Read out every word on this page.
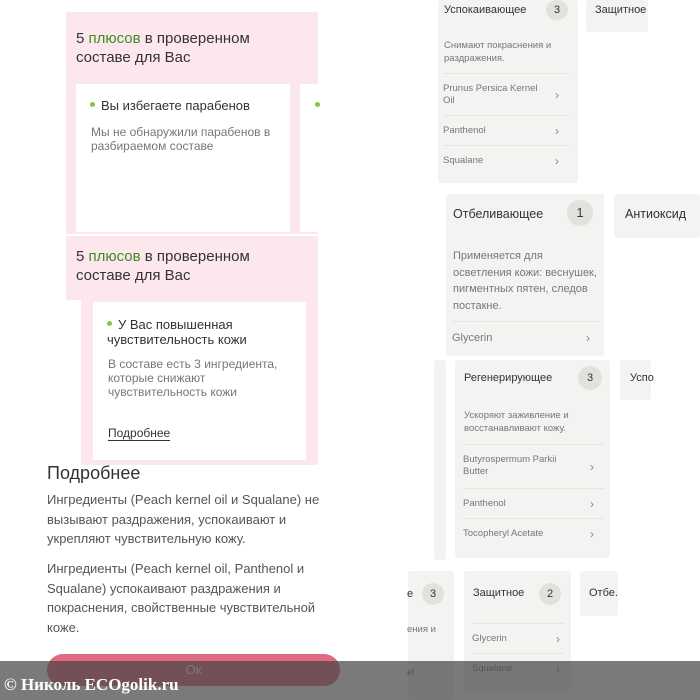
5 плюсов в проверенном составе для Вас
Вы избегаете парабенов
Мы не обнаружили парабенов в разбираемом составе
5 плюсов в проверенном составе для Вас
У Вас повышенная чувствительность кожи
В составе есть 3 ингредиента, которые снижают чувствительность кожи
Подробнее
Подробнее
Ингредиенты (Peach kernel oil и Squalane) не вызывают раздражения, успокаивают и укрепляют чувствительную кожу.
Ингредиенты (Peach kernel oil, Panthenol и Squalane) успокаивают раздражения и покраснения, свойственные чувствительной коже.
Успокаивающее	3
Снимают покраснения и раздражения.
Prunus Persica Kernel Oil	›
Panthenol	›
Squalane	›
Защитное
Отбеливающее	1
Применяется для осветления кожи: веснушек, пигментных пятен, следов постакне.
Glycerin	›
Антиоксид
Регенерирующее	3
Ускоряют заживление и восстанавливают кожу.
Butyrospermum Parkii Butter	›
Panthenol	›
Tocopheryl Acetate	›
Успо
е	3
ения и
Защитное	2
Glycerin	›
Отбе.
© Николь ECOgolik.ru
